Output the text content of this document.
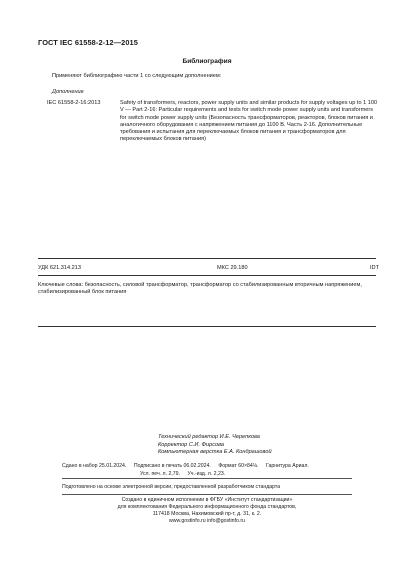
ГОСТ IEC 61558-2-12—2015
Библиография
Применяют библиографию части 1 со следующим дополнением:
Дополнение
IEC 61558-2-16:2013	Safety of transformers, reactors, power supply units and similar products for supply voltages up to 1 100 V — Part 2-16: Particular requirements and tests for switch mode power supply units and transformers for switch mode power supply units (Безопасность трансформаторов, реакторов, блоков питания и аналогичного оборудования с напряжением питания до 1100 В. Часть 2-16. Дополнительные требования и испытания для переключаемых блоков питания и трансформаторов для переключаемых блоков питания)
УДК 621.314.213	МКС 29.180	IDT
Ключевые слова: безопасность, силовой трансформатор, трансформатор со стабилизированным вторичным напряжением, стабилизированный блок питания
Технический редактор И.Е. Черепкова
Корректор С.И. Фирсова
Компьютерная верстка Е.А. Кондрашовой
Сдано в набор 25.01.2024. Подписано в печать 06.02.2024. Формат 60×84⅛. Гарнитура Ариал.
Усл. печ. л. 2,79. Уч.-изд. л. 2,23.
Подготовлено на основе электронной версии, предоставленной разработчиком стандарта
Создано в единичном исполнении в ФГБУ «Институт стандартизации»
для комплектования Федерального информационного фонда стандартов,
117418 Москва, Нахимовский пр-т, д. 31, к. 2.
www.gostinfo.ru info@gostinfo.ru
